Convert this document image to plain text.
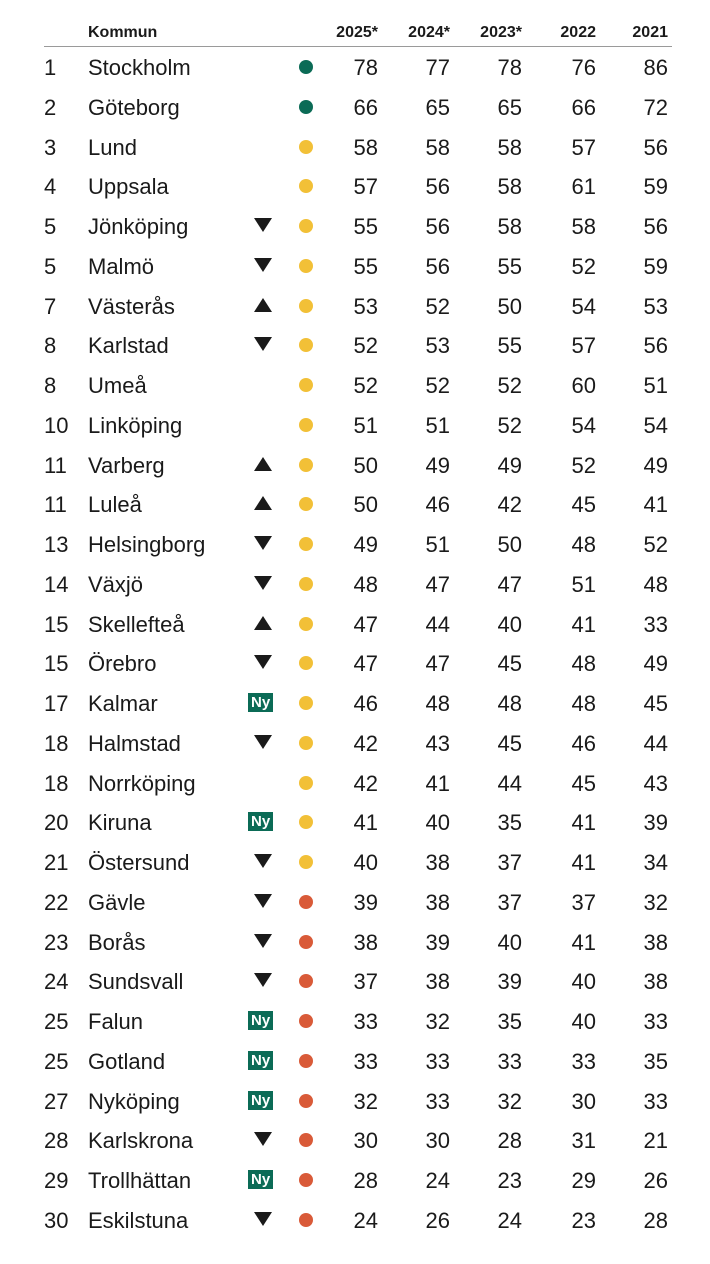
Kommun	2025*	2024*	2023*	2022	2021
1	Stockholm	78	77	78	76	86
2	Göteborg	66	65	65	66	72
3	Lund	58	58	58	57	56
4	Uppsala	57	56	58	61	59
5	Jönköping	55	56	58	58	56
5	Malmö	55	56	55	52	59
7	Västerås	53	52	50	54	53
8	Karlstad	52	53	55	57	56
8	Umeå	52	52	52	60	51
10 Linköping	51	51	52	54	54
11 Varberg	50	49	49	52	49
11 Luleå	50	46	42	45	41
13 Helsingborg	49	51	50	48	52
14 Växjö	48	47	47	51	48
15 Skellefteå	47	44	40	41	33
15 Örebro	47	47	45	48	49
17 Kalmar	Ny	46	48	48	48	45
18 Halmstad	42	43	45	46	44
18 Norrköping	42	41	44	45	43
20 Kiruna	Ny	41	40	35	41	39
21 Östersund	40	38	37	41	34
22 Gävle	39	38	37	37	32
23 Borås	38	39	40	41	38
24 Sundsvall	37	38	39	40	38
25 Falun	Ny	33	32	35	40	33
25 Gotland	Ny	33	33	33	33	35
27 Nyköping	Ny	32	33	32	30	33
28 Karlskrona	30	30	28	31	21
29 Trollhättan	Ny	28	24	23	29	26
30 Eskilstuna	24	26	24	23	28
